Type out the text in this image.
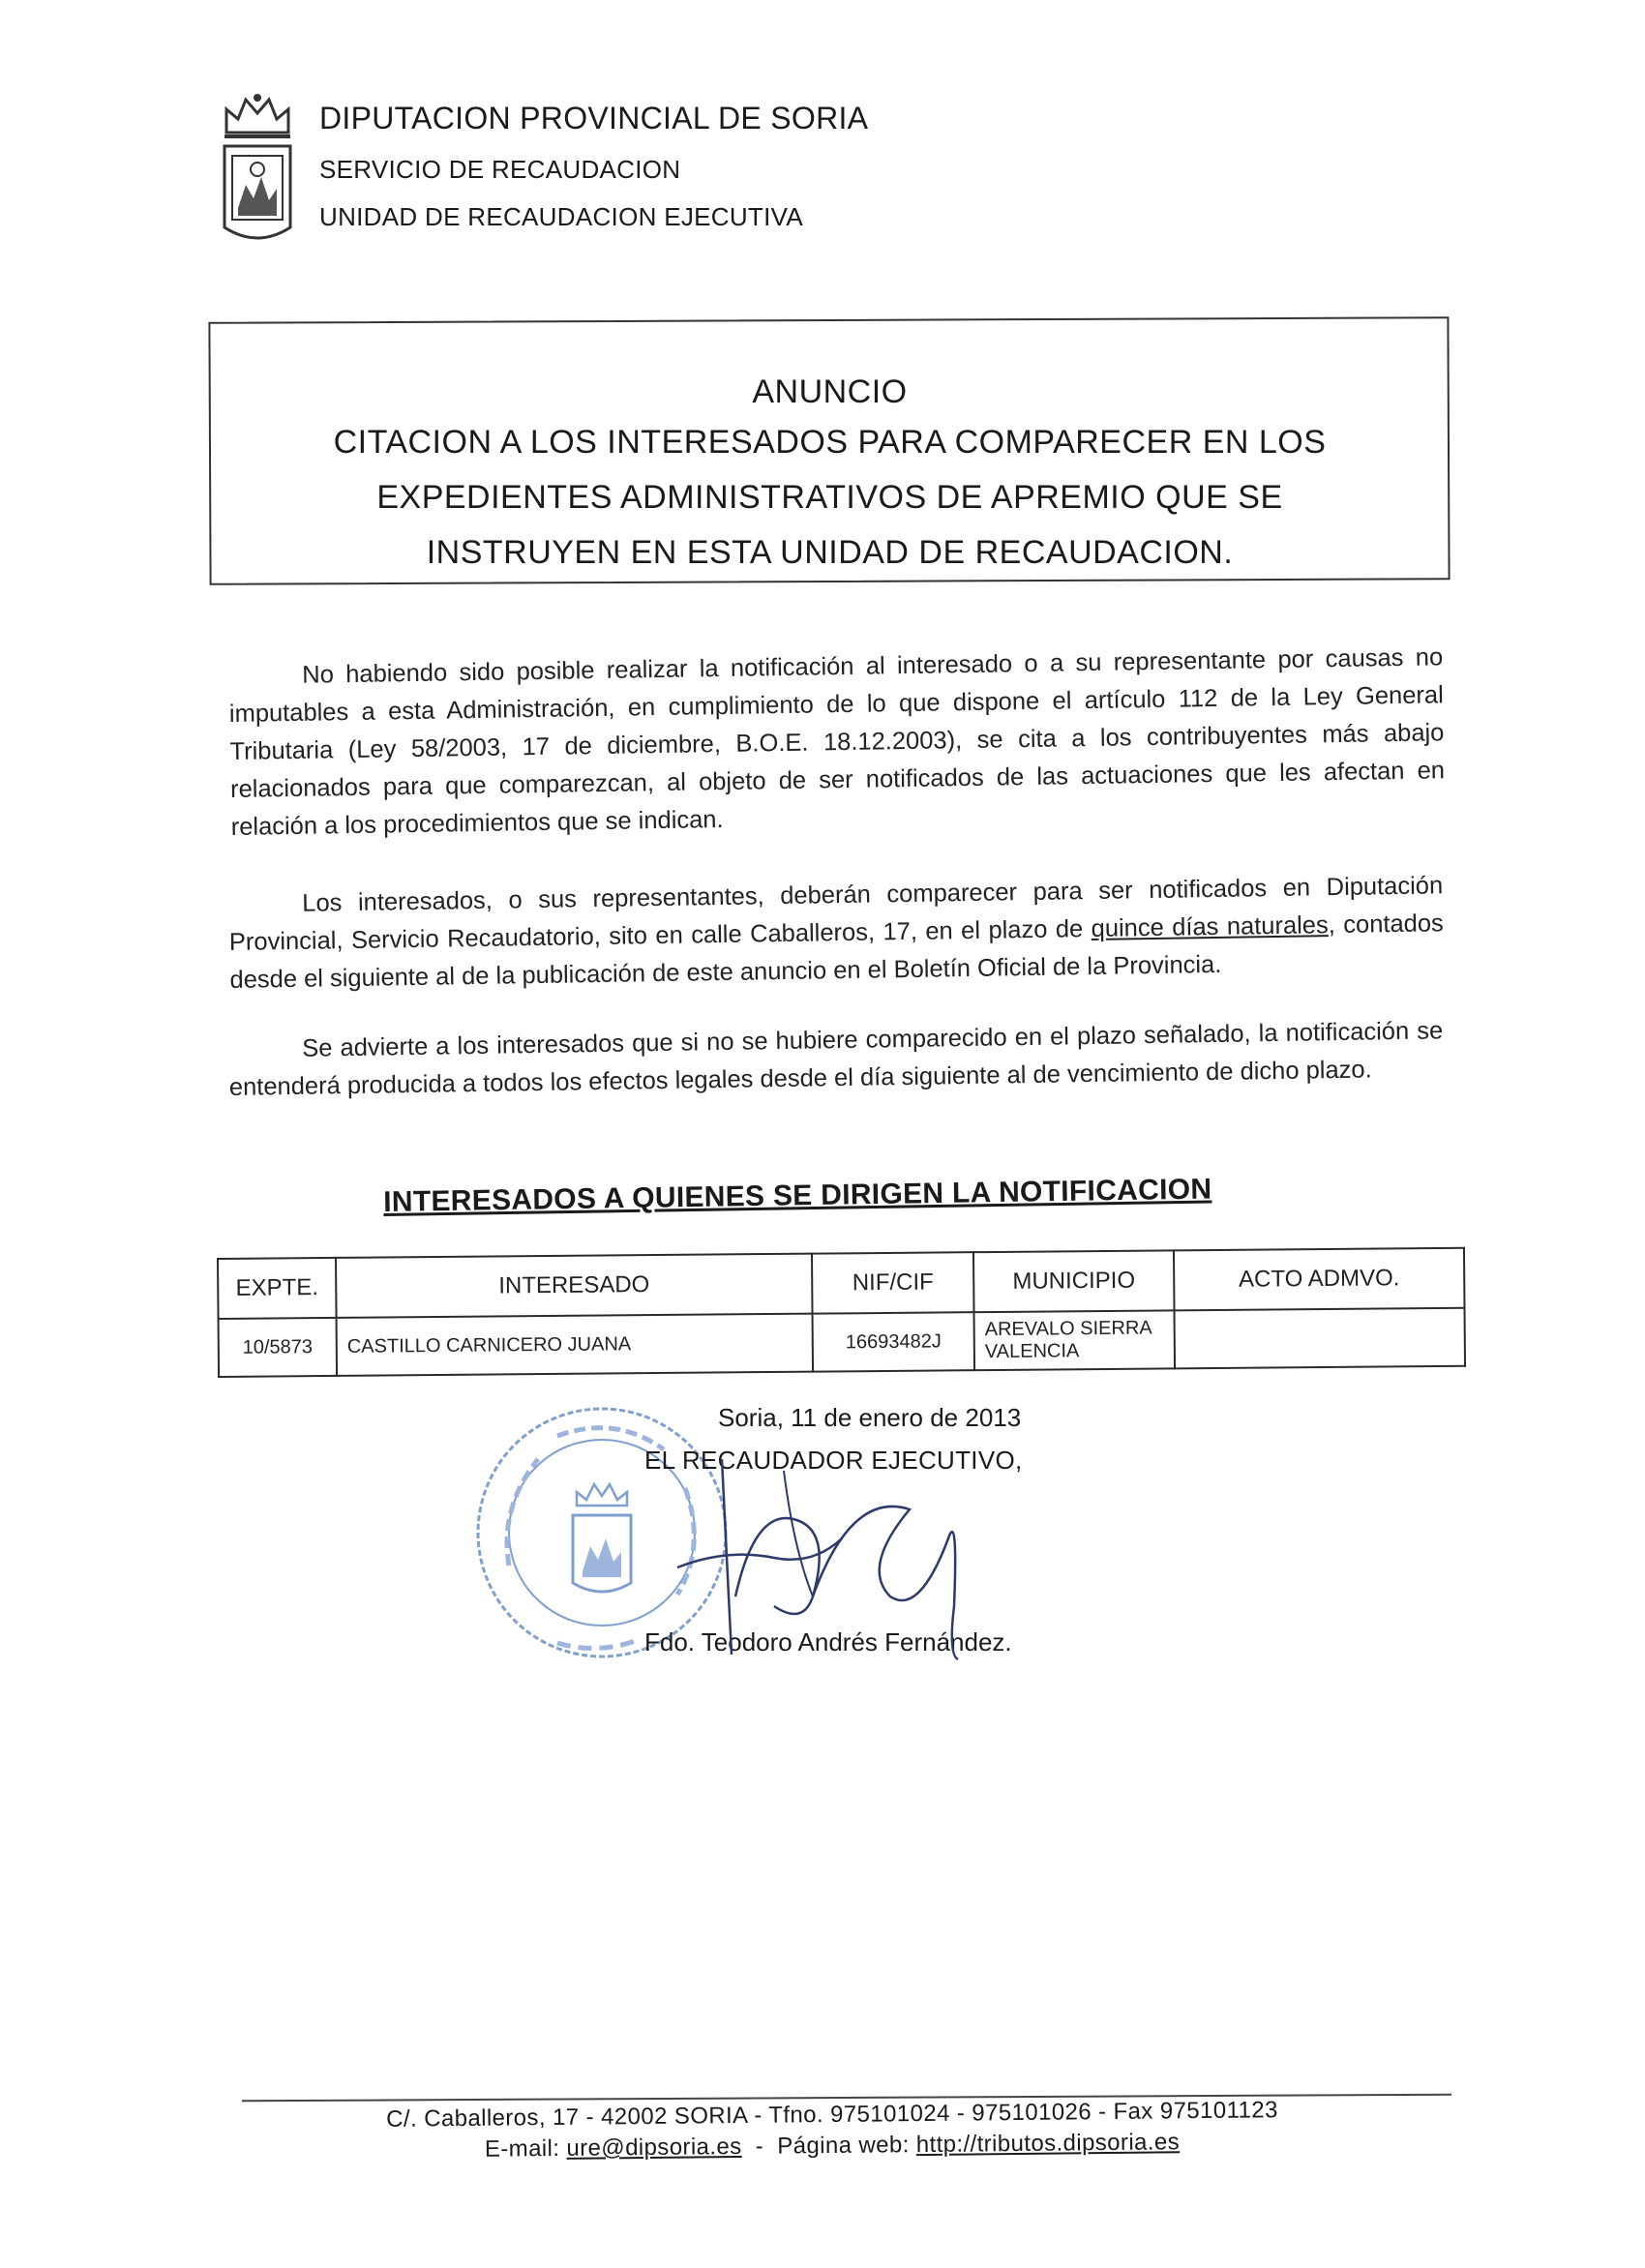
DIPUTACION PROVINCIAL DE SORIA
SERVICIO DE RECAUDACION
UNIDAD DE RECAUDACION EJECUTIVA
ANUNCIO
CITACION A LOS INTERESADOS PARA COMPARECER EN LOS
EXPEDIENTES ADMINISTRATIVOS DE APREMIO QUE SE
INSTRUYEN EN ESTA UNIDAD DE RECAUDACION.
No habiendo sido posible realizar la notificación al interesado o a su representante por causas no imputables a esta Administración, en cumplimiento de lo que dispone el artículo 112 de la Ley General Tributaria (Ley 58/2003, 17 de diciembre, B.O.E. 18.12.2003), se cita a los contribuyentes más abajo relacionados para que comparezcan, al objeto de ser notificados de las actuaciones que les afectan en relación a los procedimientos que se indican.
Los interesados, o sus representantes, deberán comparecer para ser notificados en Diputación Provincial, Servicio Recaudatorio, sito en calle Caballeros, 17, en el plazo de quince días naturales, contados desde el siguiente al de la publicación de este anuncio en el Boletín Oficial de la Provincia.
Se advierte a los interesados que si no se hubiere comparecido en el plazo señalado, la notificación se entenderá producida a todos los efectos legales desde el día siguiente al de vencimiento de dicho plazo.
INTERESADOS A QUIENES SE DIRIGEN LA NOTIFICACION
EXPTE.	INTERESADO	NIF/CIF	MUNICIPIO	ACTO ADMVO.
10/5873	CASTILLO CARNICERO JUANA	16693482J	AREVALO SIERRA VALENCIA	
Soria, 11 de enero de 2013
EL RECAUDADOR EJECUTIVO,
Fdo. Teodoro Andrés Fernández.
C/. Caballeros, 17 - 42002 SORIA - Tfno. 975101024 - 975101026 - Fax 975101123
E-mail: ure@dipsoria.es  -  Página web: http://tributos.dipsoria.es
